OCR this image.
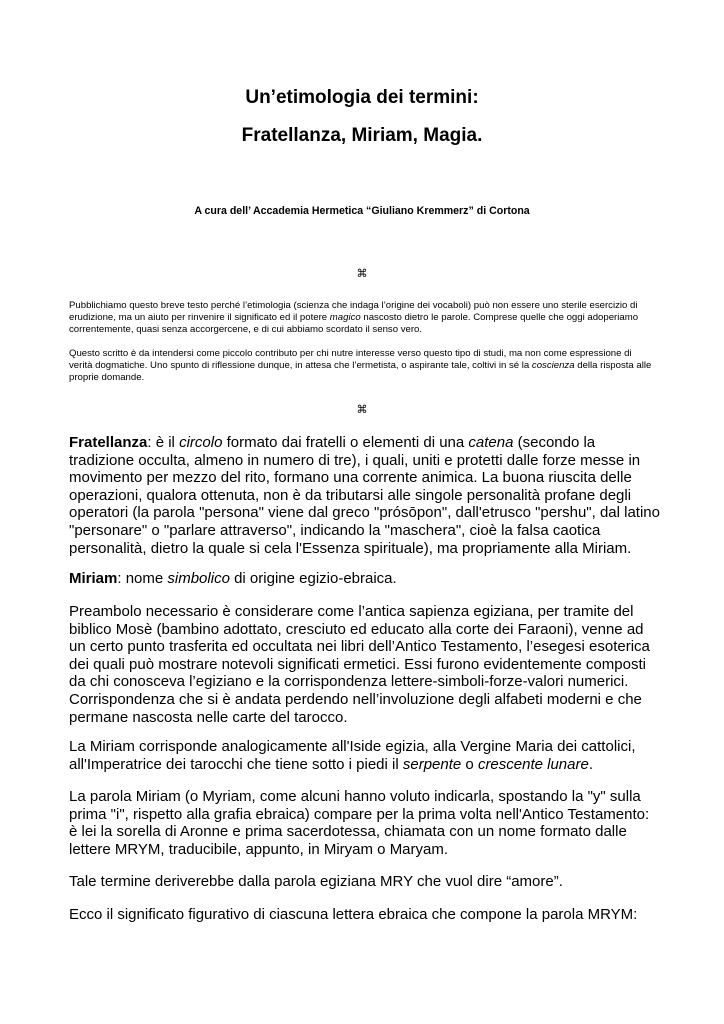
Un’etimologia dei termini:
Fratellanza, Miriam, Magia.
A cura dell’ Accademia Hermetica “Giuliano Kremmerz” di Cortona
⌘
Pubblichiamo questo breve testo perché l’etimologia (scienza che indaga l’origine dei vocaboli) può non essere uno sterile esercizio di erudizione, ma un aiuto per rinvenire il significato ed il potere magico nascosto dietro le parole. Comprese quelle che oggi adoperiamo correntemente, quasi senza accorgercene, e di cui abbiamo scordato il senso vero.
Questo scritto è da intendersi come piccolo contributo per chi nutre interesse verso questo tipo di studi, ma non come espressione di verità dogmatiche. Uno spunto di riflessione dunque, in attesa che l’ermetista, o aspirante tale, coltivi in sé la coscienza della risposta alle proprie domande.
⌘
Fratellanza: è il circolo formato dai fratelli o elementi di una catena (secondo la tradizione occulta, almeno in numero di tre), i quali, uniti e protetti dalle forze messe in movimento per mezzo del rito, formano una corrente animica. La buona riuscita delle operazioni, qualora ottenuta, non è da tributarsi alle singole personalità profane degli operatori (la parola "persona" viene dal greco "prósōpon", dall'etrusco "pershu", dal latino "personare" o "parlare attraverso", indicando la "maschera", cioè la falsa caotica personalità, dietro la quale si cela l'Essenza spirituale), ma propriamente alla Miriam.
Miriam: nome simbolico di origine egizio-ebraica.
Preambolo necessario è considerare come l’antica sapienza egiziana, per tramite del biblico Mosè (bambino adottato, cresciuto ed educato alla corte dei Faraoni), venne ad un certo punto trasferita ed occultata nei libri dell’Antico Testamento, l’esegesi esoterica dei quali può mostrare notevoli significati ermetici. Essi furono evidentemente composti da chi conosceva l’egiziano e la corrispondenza lettere-simboli-forze-valori numerici. Corrispondenza che si è andata perdendo nell’involuzione degli alfabeti moderni e che permane nascosta nelle carte del tarocco.
La Miriam corrisponde analogicamente all'Iside egizia, alla Vergine Maria dei cattolici, all'Imperatrice dei tarocchi che tiene sotto i piedi il serpente o crescente lunare.
La parola Miriam (o Myriam, come alcuni hanno voluto indicarla, spostando la "y" sulla prima "i", rispetto alla grafia ebraica) compare per la prima volta nell'Antico Testamento: è lei la sorella di Aronne e prima sacerdotessa, chiamata con un nome formato dalle lettere MRYM, traducibile, appunto, in Miryam o Maryam.
Tale termine deriverebbe dalla parola egiziana MRY che vuol dire “amore”.
Ecco il significato figurativo di ciascuna lettera ebraica che compone la parola MRYM:
